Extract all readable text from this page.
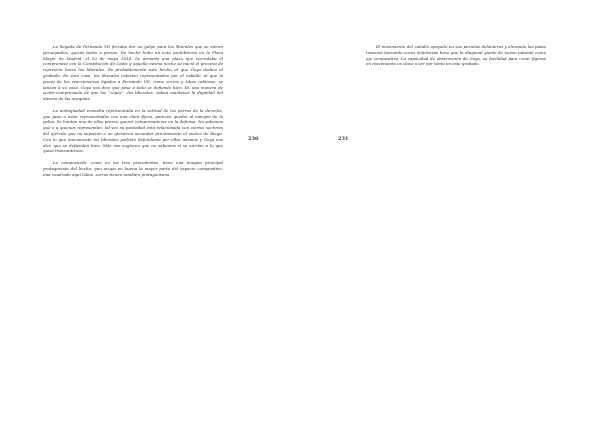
La llegada de Fernando VII forzaba dar un golpe para los liberales que se vieron perseguidos, quizás todos o presos. De hecho hubo un acto prohibitorio en la Plaza Mayor de Madrid, el 10 de mayo 1814. Se armaría una plaza que recordaba el compromiso con la Constitución de Cádiz y aquella misma noche se inició el proceso de represión hacia los liberales. Es probablemente este hecho al que Goya dedica el grabado. En este caso, los liberales estarían representados por el caballo, al que la jauría de los reaccionarios ligados a Fernando VII, como zorros y lobos rabiosos, se lanzan a su caza. Goya nos dice que pese a todo se defiende bien. Es una manera de sentir-comprensión de que los “zopos” –los liberales– saben mantener la dignidad del ideario de las acequias.

La ambigüedad envuelta representada en la actitud de los perros de la derecha, que pese a estar representados con una clara fijeza, parecen quedar al margen de la pelea. Se limitan uno de ellos parece querer comprometerse en la defensa. No sabemos qué o a quienes representan, tal vez su pasividad está relacionada con ciertos sectores del ejército que no supieron o no quisieron secundar prontamente el vuelco de Riego. Con lo que únicamente los liberales podrían defenderse por ellos mismos y Goya nos dice que se defienden bien. Más nos sugieren que no sabemos si se unirían a lo que quiso transmitirnos.

La composición, como en las tres precedentes, tiene una imagen principal protagonista del hecho, que ocupa en buena la mayor parte del espacio compositivo, una cuadrado aquí lobos, zorros tienen también protagonismo.

230	231

El movimiento del caballo apoyado en sus pezuñas delanteras y elevando las patas traseras lanzando coces defensivas hace que la diagonal quede de nuevo patente como eje compositivo. La capacidad de observación de Goya, su facilidad para crear figuras en movimiento es clave a ser por tanto en este grabado.
